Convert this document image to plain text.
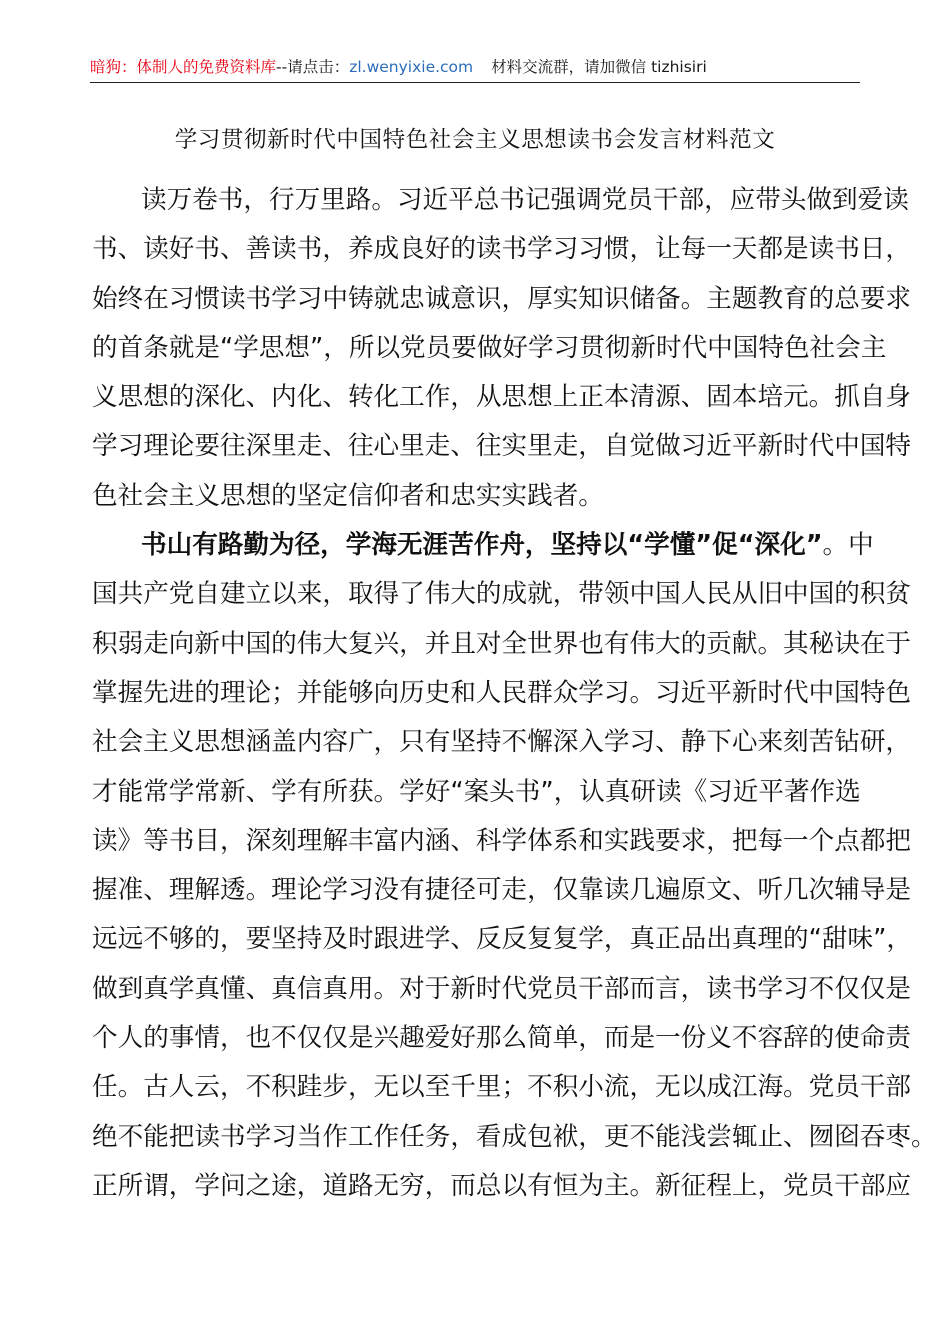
暗狗：体制人的免费资料库--请点击：zl.wenyixie.com 材料交流群，请加微信 tizhisiri
学习贯彻新时代中国特色社会主义思想读书会发言材料范文
读万卷书，行万里路。习近平总书记强调党员干部，应带头做到爱读
书、读好书、善读书，养成良好的读书学习习惯，让每一天都是读书日，
始终在习惯读书学习中铸就忠诚意识，厚实知识储备。主题教育的总要求
的首条就是“学思想”，所以党员要做好学习贯彻新时代中国特色社会主
义思想的深化、内化、转化工作，从思想上正本清源、固本培元。抓自身
学习理论要往深里走、往心里走、往实里走，自觉做习近平新时代中国特
色社会主义思想的坚定信仰者和忠实实践者。
书山有路勤为径，学海无涯苦作舟，坚持以“学懂”促“深化”。中
国共产党自建立以来，取得了伟大的成就，带领中国人民从旧中国的积贫
积弱走向新中国的伟大复兴，并且对全世界也有伟大的贡献。其秘诀在于
掌握先进的理论；并能够向历史和人民群众学习。习近平新时代中国特色
社会主义思想涵盖内容广，只有坚持不懈深入学习、静下心来刻苦钻研，
才能常学常新、学有所获。学好“案头书”，认真研读《习近平著作选
读》等书目，深刻理解丰富内涵、科学体系和实践要求，把每一个点都把
握准、理解透。理论学习没有捷径可走，仅靠读几遍原文、听几次辅导是
远远不够的，要坚持及时跟进学、反反复复学，真正品出真理的“甜味”，
做到真学真懂、真信真用。对于新时代党员干部而言，读书学习不仅仅是
个人的事情，也不仅仅是兴趣爱好那么简单，而是一份义不容辞的使命责
任。古人云，不积跬步，无以至千里；不积小流，无以成江海。党员干部
绝不能把读书学习当作工作任务，看成包袱，更不能浅尝辄止、囫囵吞枣。
正所谓，学问之途，道路无穷，而总以有恒为主。新征程上，党员干部应
